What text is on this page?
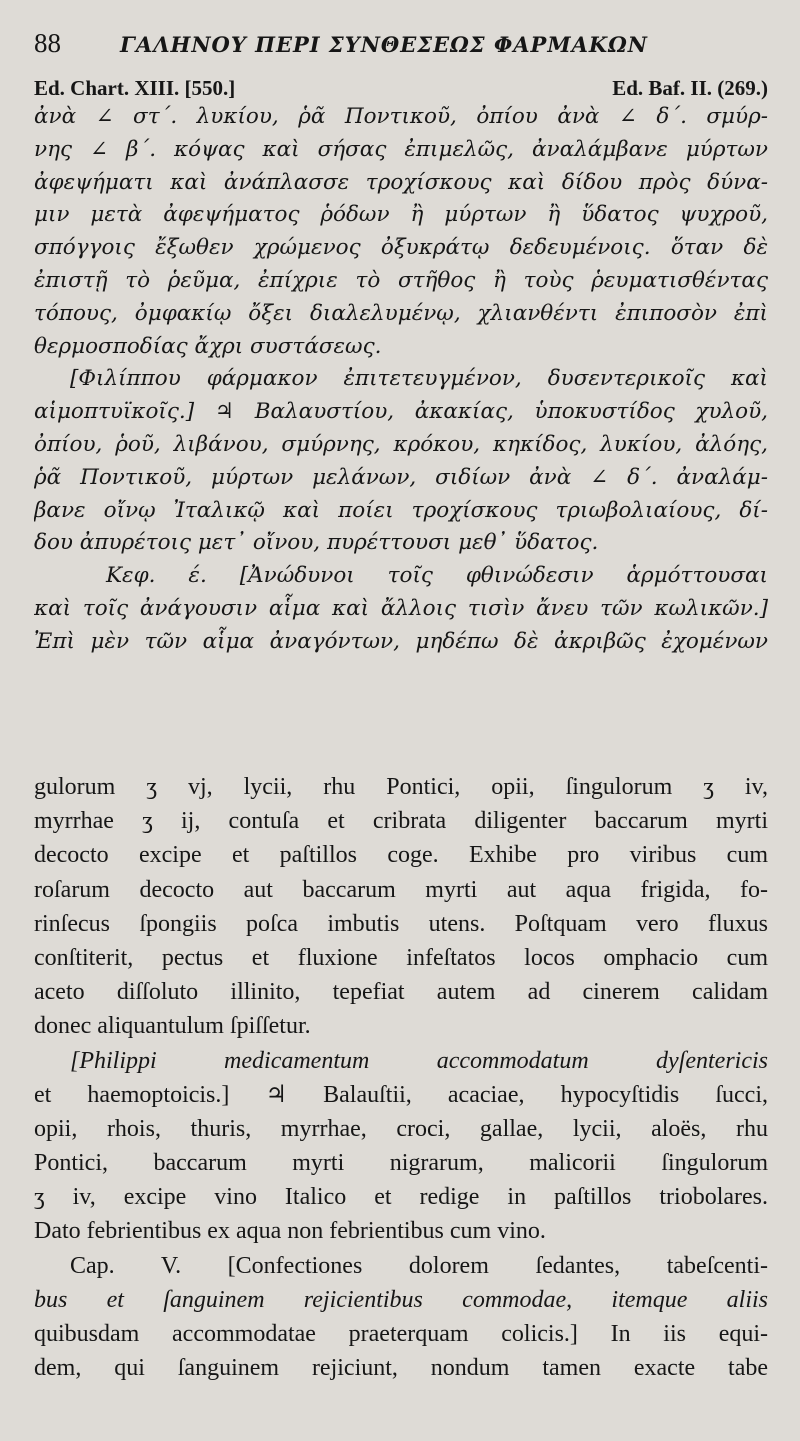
88	ΓΑΛΗΝΟΥ ΠΕΡΙ ΣΥΝΘΕΣΕΩΣ ΦΑΡΜΑΚΩΝ
Ed. Chart. XIII. [550.]	Ed. Baf. II. (269.)
ἀνὰ ∠ στ΄. λυκίου, ῥᾶ Ποντικοῦ, ὀπίου ἀνὰ ∠ δ΄. σμύρ-
νης ∠ β΄. κόψας καὶ σήσας ἐπιμελῶς, ἀναλάμβανε μύρτων
ἀφεψήματι καὶ ἀνάπλασσε τροχίσκους καὶ δίδου πρὸς δύνα-
μιν μετὰ ἀφεψήματος ῥόδων ἢ μύρτων ἢ ὕδατος ψυχροῦ,
σπόγγοις ἔξωθεν χρώμενος ὀξυκράτῳ δεδευμένοις. ὅταν δὲ
ἐπιστῇ τὸ ῥεῦμα, ἐπίχριε τὸ στῆθος ἢ τοὺς ῥευματισθέντας
τόπους, ὀμφακίῳ ὄξει διαλελυμένῳ, χλιανθέντι ἐπιποσὸν ἐπὶ
θερμοσποδίας ἄχρι συστάσεως.
[Φιλίππου φάρμακον ἐπιτετευγμένον, δυσεντερικοῖς καὶ
αἱμοπτυϊκοῖς.] ♃ Βαλαυστίου, ἀκακίας, ὑποκυστίδος χυλοῦ,
ὀπίου, ῥοῦ, λιβάνου, σμύρνης, κρόκου, κηκίδος, λυκίου, ἀλόης,
ῥᾶ Ποντικοῦ, μύρτων μελάνων, σιδίων ἀνὰ ∠ δ΄. ἀναλάμ-
βανε οἴνῳ Ἰταλικῷ καὶ ποίει τροχίσκους τριωβολιαίους, δί-
δου ἀπυρέτοις μετ᾽ οἴνου, πυρέττουσι μεθ᾽ ὕδατος.
Κεφ. έ. [Ἀνώδυνοι τοῖς φθινώδεσιν ἁρμόττουσαι
καὶ τοῖς ἀνάγουσιν αἷμα καὶ ἄλλοις τισὶν ἄνευ τῶν κωλικῶν.]
Ἐπὶ μὲν τῶν αἷμα ἀναγόντων, μηδέπω δὲ ἀκριβῶς ἐχομένων
gulorum ʒ vj, lycii, rhu Pontici, opii, ſingulorum ʒ iv,
myrrhae ʒ ij, contuſa et cribrata diligenter baccarum myrti
decocto excipe et paſtillos coge. Exhibe pro viribus cum
roſarum decocto aut baccarum myrti aut aqua frigida, fo-
rinſecus ſpongiis poſca imbutis utens. Poſtquam vero fluxus
conſtiterit, pectus et fluxione infeſtatos locos omphacio cum
aceto diſſoluto illinito, tepefiat autem ad cinerem calidam
donec aliquantulum ſpiſſetur.
[Philippi medicamentum accommodatum dyſentericis
et haemoptoicis.] ♃ Balauſtii, acaciae, hypocyſtidis ſucci,
opii, rhois, thuris, myrrhae, croci, gallae, lycii, aloës, rhu
Pontici, baccarum myrti nigrarum, malicorii ſingulorum
ʒ iv, excipe vino Italico et redige in paſtillos triobolares.
Dato febrientibus ex aqua non febrientibus cum vino.
Cap. V. [Confectiones dolorem ſedantes, tabeſcenti-
bus et ſanguinem rejicientibus commodae, itemque aliis
quibusdam accommodatae praeterquam colicis.] In iis equi-
dem, qui ſanguinem rejiciunt, nondum tamen exacte tabe
